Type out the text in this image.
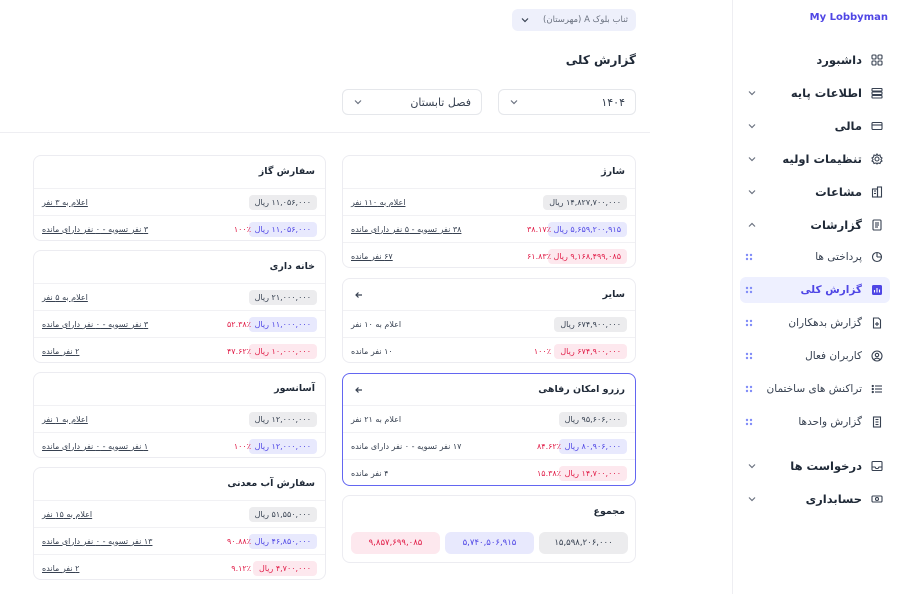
My Lobbyman
داشبورد
اطلاعات پایه
مالی
تنظیمات اولیه
مشاعات
گزارشات
پرداختی ها
گزارش کلی
گزارش بدهکاران
کاربران فعال
تراکنش های ساختمان
گزارش واحدها
درخواست ها
حسابداری
ثناب بلوک A (مهرستان)
گزارش کلی
۱۴۰۴
فصل تابستان
شارژ
۱۴,۸۲۷,۷۰۰,۰۰۰ ریال
اعلام به ۱۱۰ نفر
۵,۶۵۹,۲۰۰,۹۱۵ ریال
۳۸.۱۷٪
۳۸ نفر تسویه - ۵ نفر دارای مانده
۹,۱۶۸,۴۹۹,۰۸۵ ریال
۶۱.۸۳٪
۶۷ نفر مانده
سایر
۶۷۴,۹۰۰,۰۰۰ ریال
اعلام به ۱۰ نفر
۶۷۴,۹۰۰,۰۰۰ ریال
۱۰۰٪
۱۰ نفر مانده
رزرو امکان رفاهی
۹۵,۶۰۶,۰۰۰ ریال
اعلام به ۲۱ نفر
۸۰,۹۰۶,۰۰۰ ریال
۸۴.۶۲٪
۱۷ نفر تسویه - ۰ نفر دارای مانده
۱۴,۷۰۰,۰۰۰ ریال
۱۵.۳۸٪
۴ نفر مانده
مجموع
۱۵,۵۹۸,۲۰۶,۰۰۰
۵,۷۴۰,۵۰۶,۹۱۵
۹,۸۵۷,۶۹۹,۰۸۵
سفارش گاز
۱۱,۰۵۶,۰۰۰ ریال
اعلام به ۳ نفر
۱۱,۰۵۶,۰۰۰ ریال
۱۰۰٪
۳ نفر تسویه - ۰ نفر دارای مانده
خانه داری
۲۱,۰۰۰,۰۰۰ ریال
اعلام به ۵ نفر
۱۱,۰۰۰,۰۰۰ ریال
۵۲.۳۸٪
۳ نفر تسویه - ۰ نفر دارای مانده
۱۰,۰۰۰,۰۰۰ ریال
۴۷.۶۲٪
۲ نفر مانده
آسانسور
۱۲,۰۰۰,۰۰۰ ریال
اعلام به ۱ نفر
۱۲,۰۰۰,۰۰۰ ریال
۱۰۰٪
۱ نفر تسویه - ۰ نفر دارای مانده
سفارش آب معدنی
۵۱,۵۵۰,۰۰۰ ریال
اعلام به ۱۵ نفر
۴۶,۸۵۰,۰۰۰ ریال
۹۰.۸۸٪
۱۳ نفر تسویه - ۰ نفر دارای مانده
۴,۷۰۰,۰۰۰ ریال
۹.۱۲٪
۲ نفر مانده
